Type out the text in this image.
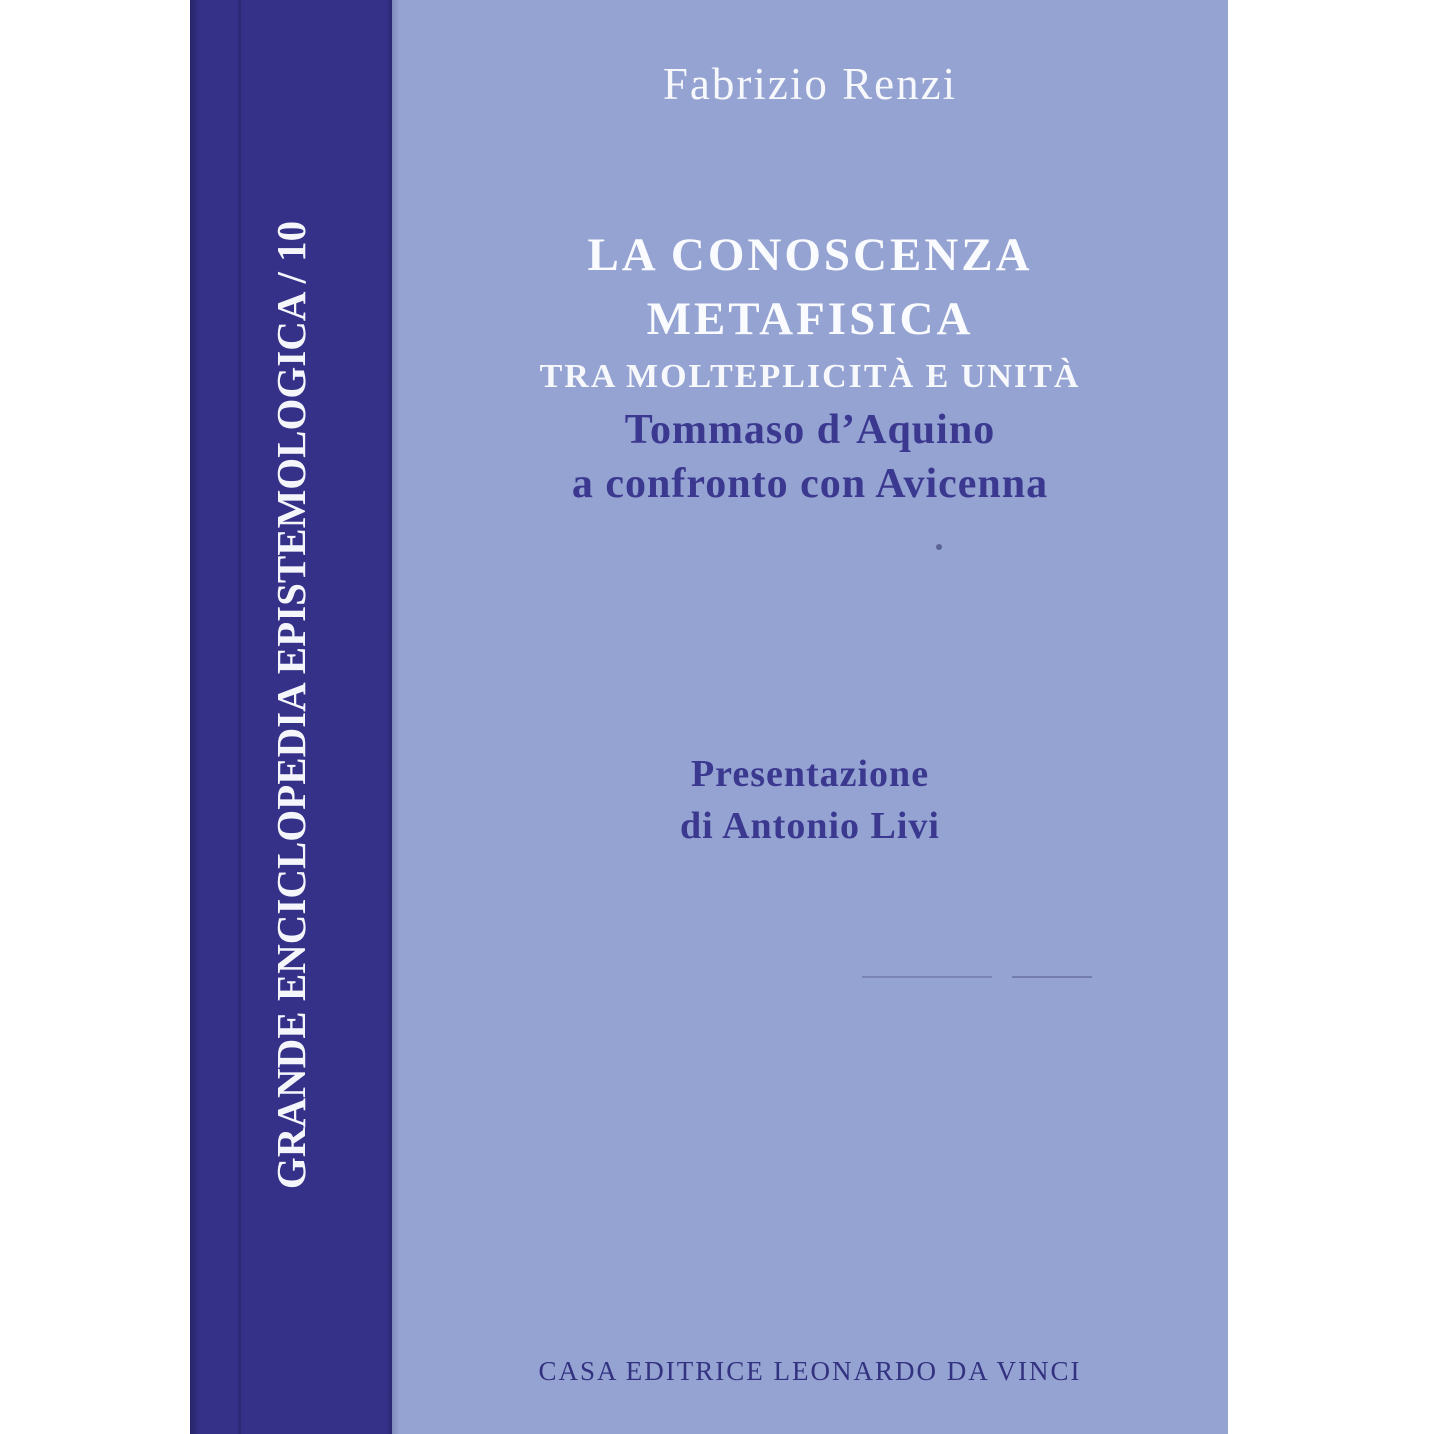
GRANDE ENCICLOPEDIA EPISTEMOLOGICA / 10
Fabrizio Renzi
LA CONOSCENZA
METAFISICA
TRA MOLTEPLICITÀ E UNITÀ
Tommaso d’Aquino
a confronto con Avicenna
Presentazione
di Antonio Livi
CASA EDITRICE LEONARDO DA VINCI
